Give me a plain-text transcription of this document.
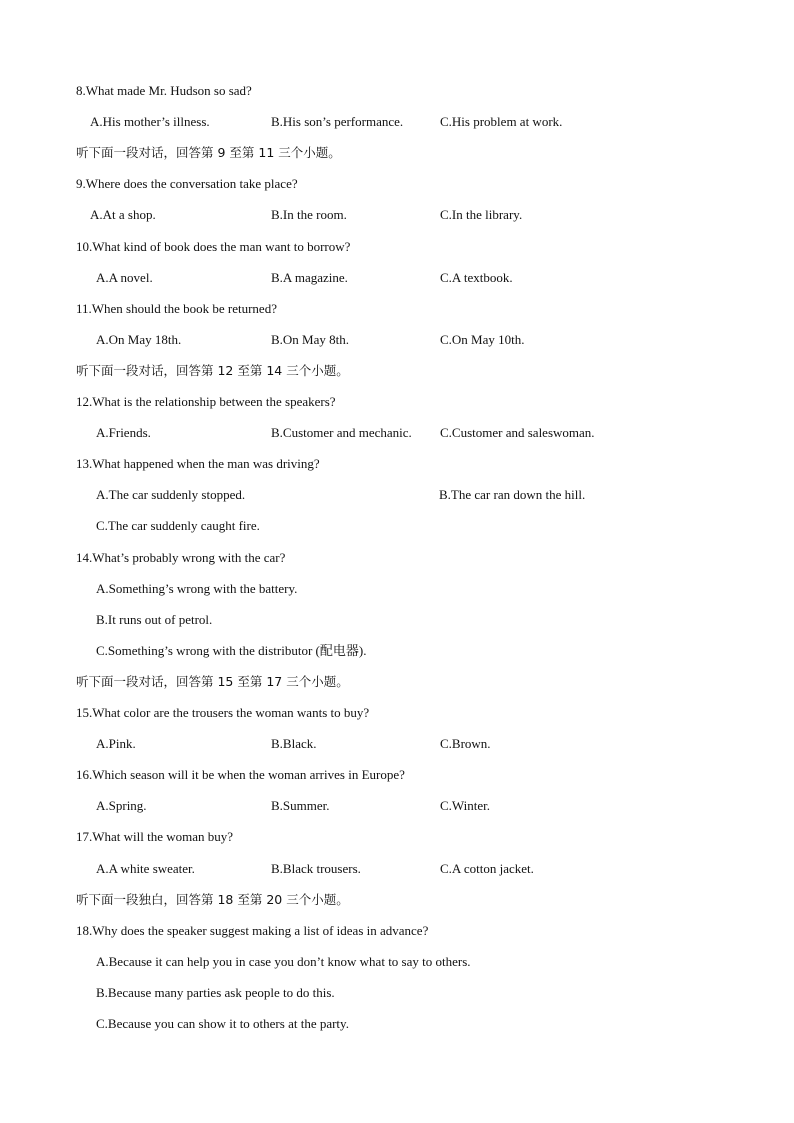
8.What made Mr. Hudson so sad?
A.His mother’s illness.	B.His son’s performance.	C.His problem at work.
听下面一段对话，回答第 9 至第 11 三个小题。
9.Where does the conversation take place?
A.At a shop.	B.In the room.	C.In the library.
10.What kind of book does the man want to borrow?
A.A novel.	B.A magazine.	C.A textbook.
11.When should the book be returned?
A.On May 18th.	B.On May 8th.	C.On May 10th.
听下面一段对话，回答第 12 至第 14 三个小题。
12.What is the relationship between the speakers?
A.Friends.	B.Customer and mechanic. C.Customer and saleswoman.
13.What happened when the man was driving?
A.The car suddenly stopped.	B.The car ran down the hill.
C.The car suddenly caught fire.
14.What’s probably wrong with the car?
A.Something’s wrong with the battery.
B.It runs out of petrol.
C.Something’s wrong with the distributor (配电器).
听下面一段对话，回答第 15 至第 17 三个小题。
15.What color are the trousers the woman wants to buy?
A.Pink.	B.Black.	C.Brown.
16.Which season will it be when the woman arrives in Europe?
A.Spring.	B.Summer.	C.Winter.
17.What will the woman buy?
A.A white sweater.	B.Black trousers.	C.A cotton jacket.
听下面一段独白，回答第 18 至第 20 三个小题。
18.Why does the speaker suggest making a list of ideas in advance?
A.Because it can help you in case you don’t know what to say to others.
B.Because many parties ask people to do this.
C.Because you can show it to others at the party.
